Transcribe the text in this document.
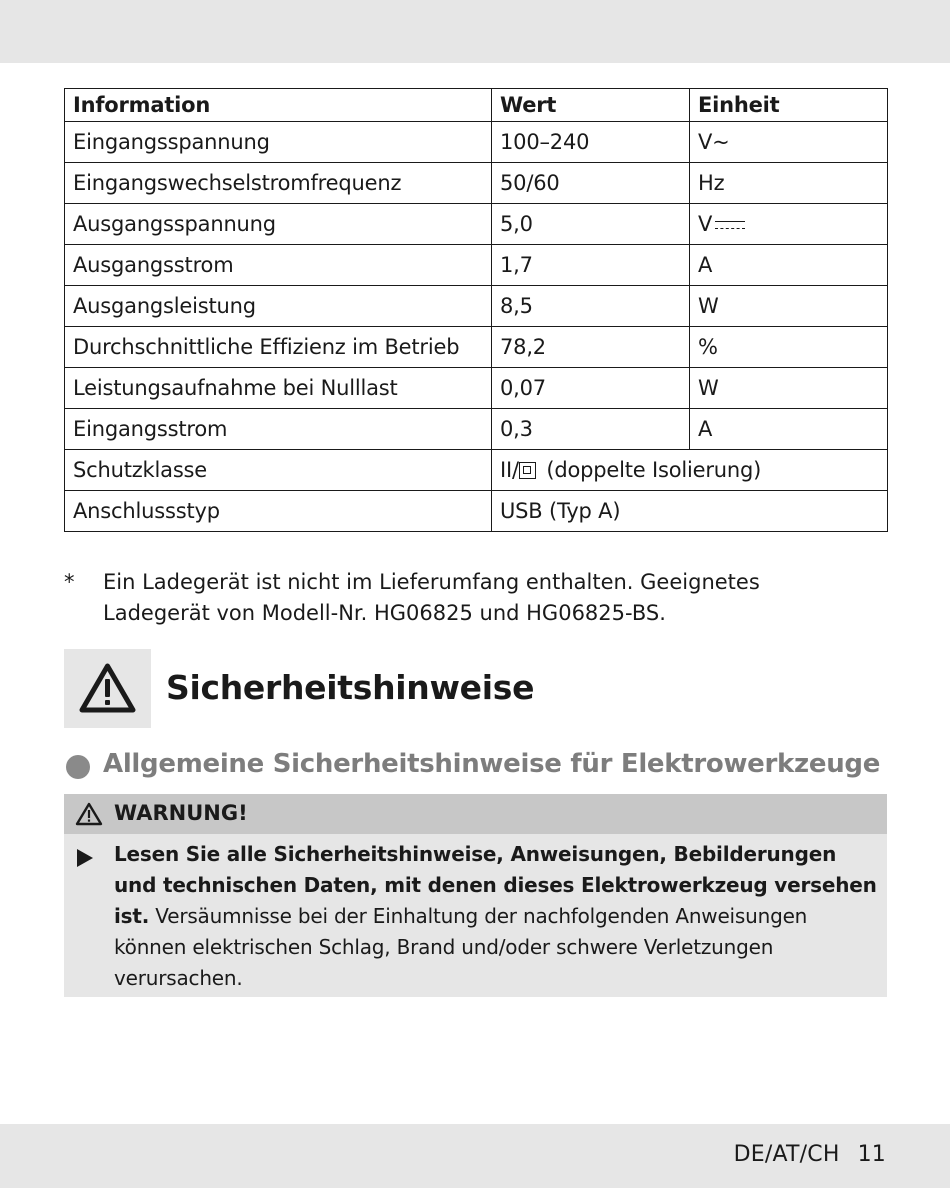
Information	Wert	Einheit
Eingangsspannung	100–240	V~
Eingangswechselstromfrequenz	50/60	Hz
Ausgangsspannung	5,0	V
Ausgangsstrom	1,7	A
Ausgangsleistung	8,5	W
Durchschnittliche Effizienz im Betrieb	78,2	%
Leistungsaufnahme bei Nulllast	0,07	W
Eingangsstrom	0,3	A
Schutzklasse	II/ (doppelte Isolierung)	
Anschlussstyp	USB (Typ A)	
* Ein Ladegerät ist nicht im Lieferumfang enthalten. Geeignetes Ladegerät von Modell-Nr. HG06825 und HG06825-BS.
Sicherheitshinweise
Allgemeine Sicherheitshinweise für Elektrowerkzeuge
WARNUNG!
Lesen Sie alle Sicherheitshinweise, Anweisungen, Bebilderungen und technischen Daten, mit denen dieses Elektrowerkzeug versehen ist. Versäumnisse bei der Einhaltung der nachfolgenden Anweisungen können elektrischen Schlag, Brand und/oder schwere Verletzungen verursachen.
DE/AT/CH 11
